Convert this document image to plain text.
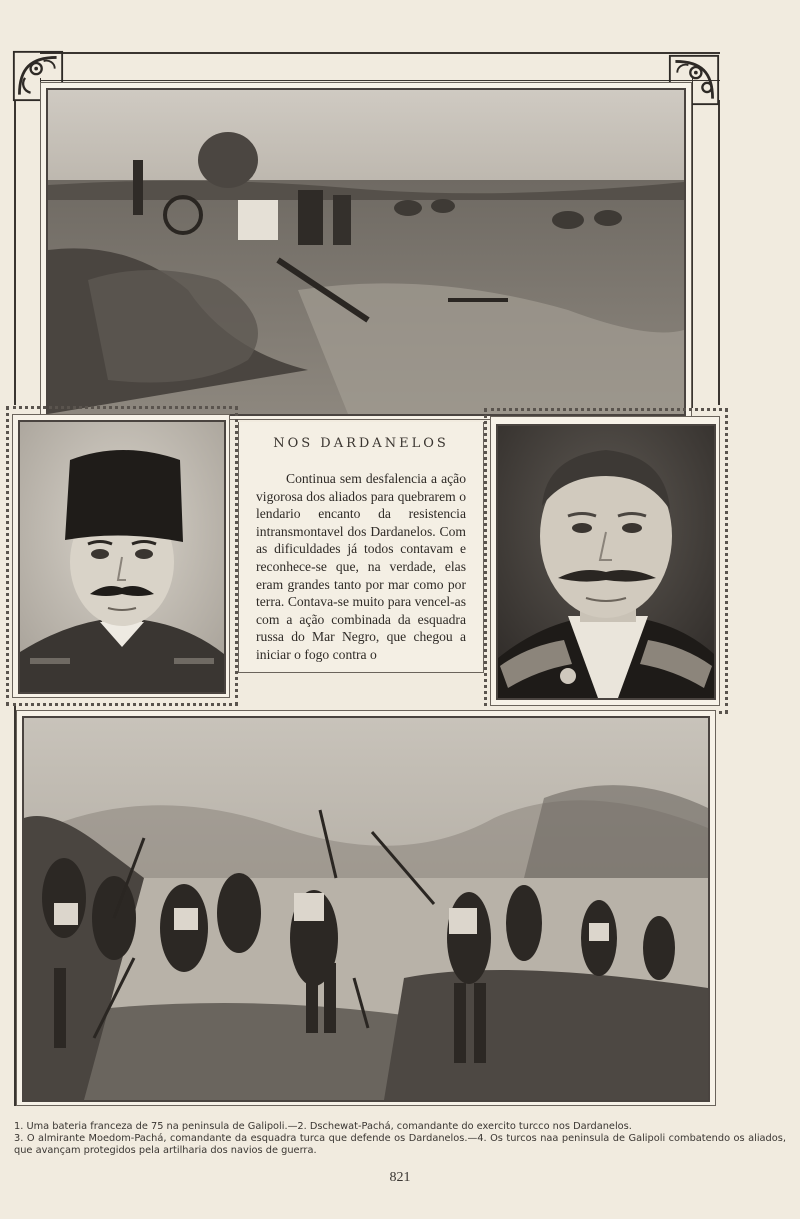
NOS DARDANELOS
Continua sem desfalencia a ação vigorosa dos aliados para quebrarem o lendario encanto da resistencia intransmontavel dos Dardanelos. Com as dificuldades já todos contavam e reconhece-se que, na verdade, elas eram grandes tanto por mar como por terra. Contava-se muito para vencel-as com a ação combinada da esquadra russa do Mar Negro, que chegou a iniciar o fogo contra o
1. Uma bateria franceza de 75 na peninsula de Galipoli.—2. Dschewat-Pachá, comandante do exercito turcco nos Dardanelos.
3. O almirante Moedom-Pachá, comandante da esquadra turca que defende os Dardanelos.—4. Os turcos naa peninsula de Galipoli combatendo os aliados, que avançam protegidos pela artilharia dos navios de guerra.
821
